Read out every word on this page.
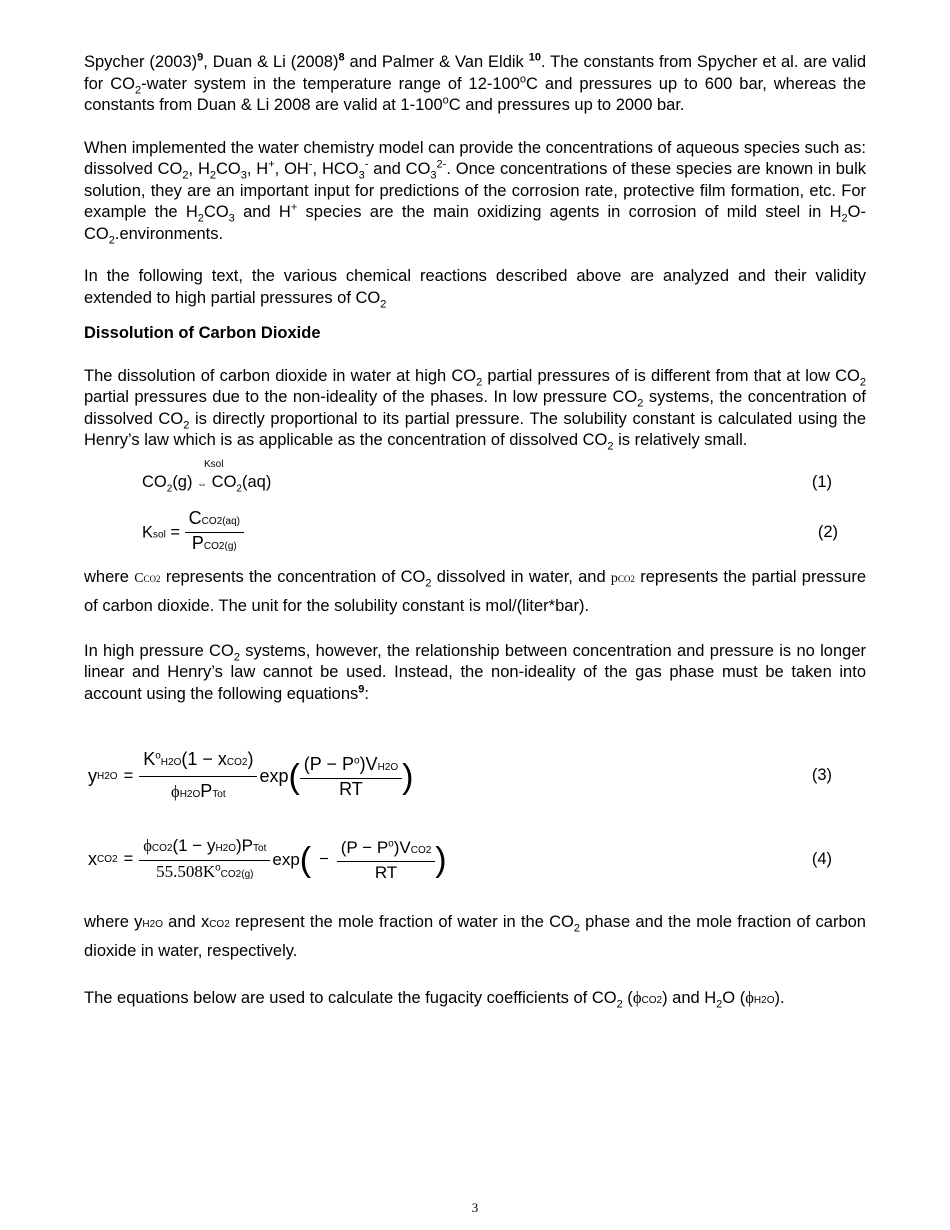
Spycher $(2003)^9$, Duan & Li $(2008)^8$ and Palmer & Van Eldik $^{10}$. The constants from Spycher et al. are valid for $CO_2$-water system in the temperature range of 12-100$^o$C and pressures up to 600 bar, whereas the constants from Duan & Li 2008 are valid at 1-100$^o$C and pressures up to 2000 bar.

When implemented the water chemistry model can provide the concentrations of aqueous species such as: dissolved $CO_2$, $H_2CO_3$, H+, OH-, $HCO_3^-$ and $CO_3^{2-}$. Once concentrations of these species are known in bulk solution, they are an important input for predictions of the corrosion rate, protective film formation, etc. For example the $H_2CO_3$ and H+ species are the main oxidizing agents in corrosion of mild steel in $H_2O-CO_2.environments$.

In the following text, the various chemical reactions described above are analyzed and their validity extended to high partial pressures of $CO_2$

Dissolution of Carbon Dioxide

The dissolution of carbon dioxide in water at high $CO_2$ partial pressures of is different from that at low $CO_2$ partial pressures due to the non-ideality of the phases. In low pressure $CO_2$ systems, the concentration of dissolved $CO_2$ is directly proportional to its partial pressure. The solubility constant is calculated using the Henry’s law which is as applicable as the concentration of dissolved $CO_2$ is relatively small.

Ksol
$CO_2(g)$ ⇔ $CO_2(aq)$	(1)
Ksol = $\frac{\text{CCO2(aq)}}{\text{PCO2(g)}}$	(2)

where CCO2 represents the concentration of $CO_2$ dissolved in water, and pCO2 represents the partial pressure of carbon dioxide. The unit for the solubility constant is mol/(liter*bar).

In high pressure $CO_2$ systems, however, the relationship between concentration and pressure is no longer linear and Henry’s law cannot be used. Instead, the non-ideality of the gas phase must be taken into account using the following equations$^9$:

y $H2O = \frac{K^oH2O(1 - xCO2)}{\text{ϕH2OPTot}}$ exp ( $\frac{(P - P^o)VH2O}{RT}$ )	(3)
x $CO2 = \frac{\text{ϕCO2(1 − yH2O)PTot}}{55.508K^oCO2(g)}$ exp ( − $\frac{(P - P^o)VCO2}{RT}$ )	(4)

where yH2O and xCO2 represent the mole fraction of water in the $CO_2$ phase and the mole fraction of carbon dioxide in water, respectively.

The equations below are used to calculate the fugacity coefficients of $CO_2$ (ϕCO2) and $H_2O$ (ϕH2O).

3
